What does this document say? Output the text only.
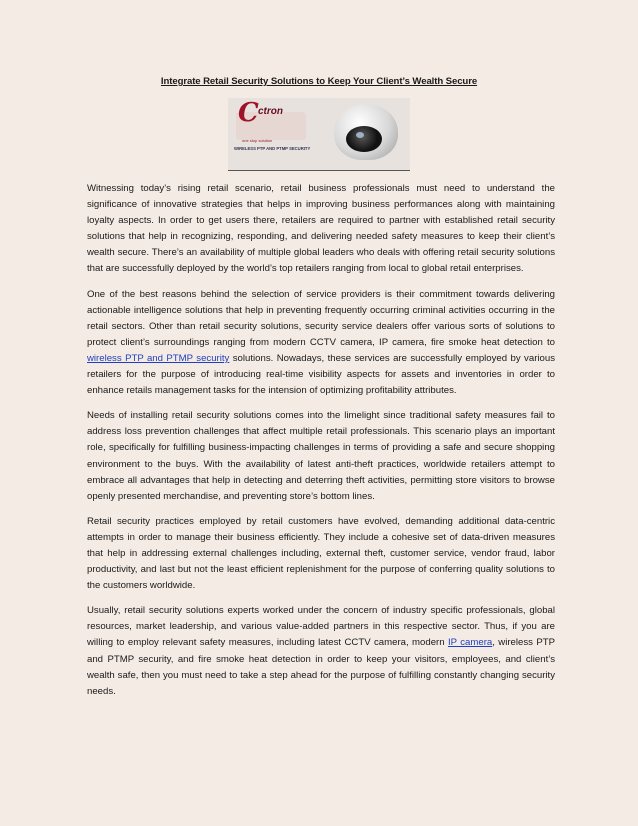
Integrate Retail Security Solutions to Keep Your Client’s Wealth Secure
C ctron
one stop solution
WIRELESS PTP AND PTMP SECURITY

Witnessing today’s rising retail scenario, retail business professionals must need to understand the significance of innovative strategies that helps in improving business performances along with maintaining loyalty aspects. In order to get users there, retailers are required to partner with established retail security solutions that help in recognizing, responding, and delivering needed safety measures to keep their client’s wealth secure. There’s an availability of multiple global leaders who deals with offering retail security solutions that are successfully deployed by the world’s top retailers ranging from local to global retail enterprises.

One of the best reasons behind the selection of service providers is their commitment towards delivering actionable intelligence solutions that help in preventing frequently occurring criminal activities occurring in the retail sectors. Other than retail security solutions, security service dealers offer various sorts of solutions to protect client’s surroundings ranging from modern CCTV camera, IP camera, fire smoke heat detection to wireless PTP and PTMP security solutions. Nowadays, these services are successfully employed by various retailers for the purpose of introducing real-time visibility aspects for assets and inventories in order to enhance retails management tasks for the intension of optimizing profitability attributes.

Needs of installing retail security solutions comes into the limelight since traditional safety measures fail to address loss prevention challenges that affect multiple retail professionals. This scenario plays an important role, specifically for fulfilling business-impacting challenges in terms of providing a safe and secure shopping environment to the buys. With the availability of latest anti-theft practices, worldwide retailers attempt to embrace all advantages that help in detecting and deterring theft activities, permitting store visitors to browse openly presented merchandise, and preventing store’s bottom lines.

Retail security practices employed by retail customers have evolved, demanding additional data-centric attempts in order to manage their business efficiently. They include a cohesive set of data-driven measures that help in addressing external challenges including, external theft, customer service, vendor fraud, labor productivity, and last but not the least efficient replenishment for the purpose of conferring quality solutions to the customers worldwide.

Usually, retail security solutions experts worked under the concern of industry specific professionals, global resources, market leadership, and various value-added partners in this respective sector. Thus, if you are willing to employ relevant safety measures, including latest CCTV camera, modern IP camera, wireless PTP and PTMP security, and fire smoke heat detection in order to keep your visitors, employees, and client’s wealth safe, then you must need to take a step ahead for the purpose of fulfilling constantly changing security needs.
